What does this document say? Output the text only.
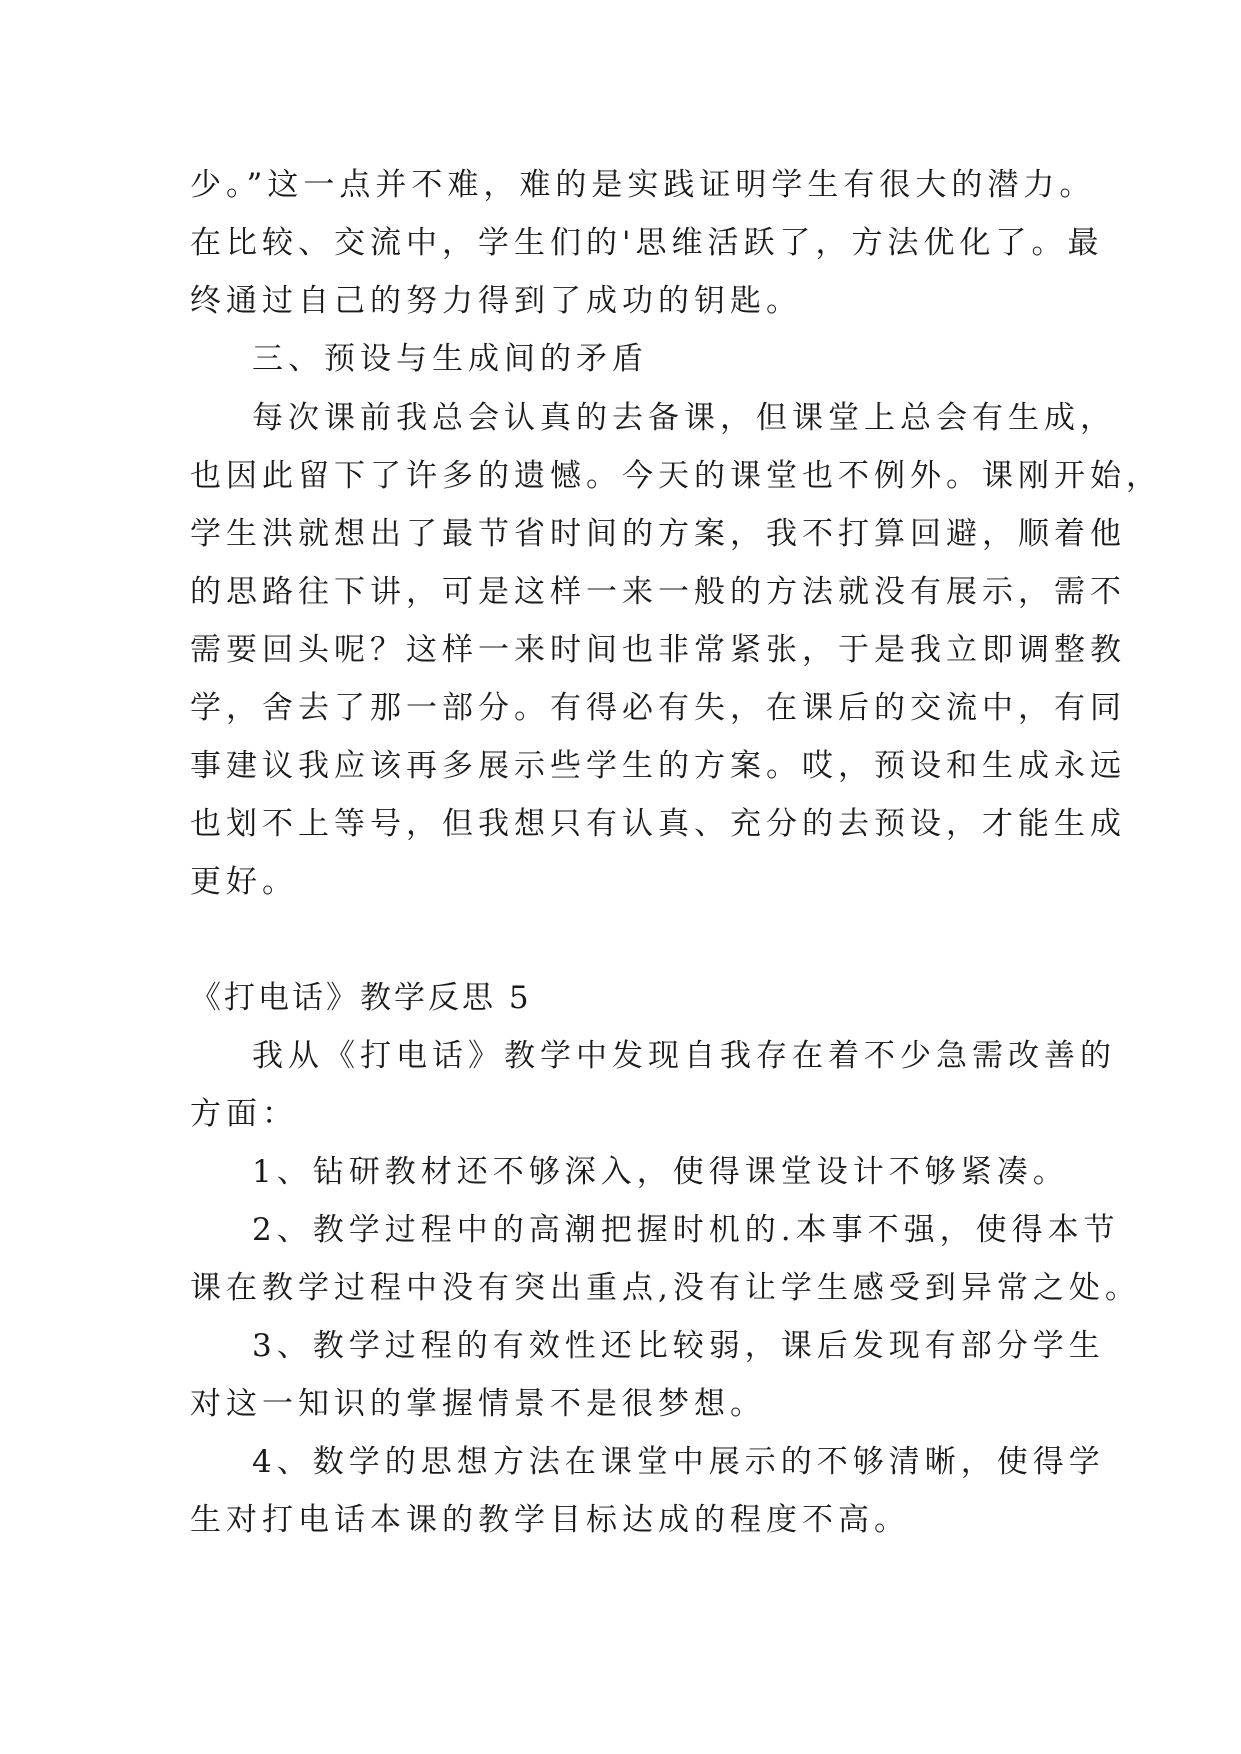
少。”这一点并不难，难的是实践证明学生有很大的潜力。
在比较、交流中，学生们的'思维活跃了，方法优化了。最
终通过自己的努力得到了成功的钥匙。
三、预设与生成间的矛盾
每次课前我总会认真的去备课，但课堂上总会有生成，
也因此留下了许多的遗憾。今天的课堂也不例外。课刚开始，
学生洪就想出了最节省时间的方案，我不打算回避，顺着他
的思路往下讲，可是这样一来一般的方法就没有展示，需不
需要回头呢？这样一来时间也非常紧张，于是我立即调整教
学，舍去了那一部分。有得必有失，在课后的交流中，有同
事建议我应该再多展示些学生的方案。哎，预设和生成永远
也划不上等号，但我想只有认真、充分的去预设，才能生成
更好。
《打电话》教学反思 5
我从《打电话》教学中发现自我存在着不少急需改善的
方面：
1、钻研教材还不够深入，使得课堂设计不够紧凑。
2、教学过程中的高潮把握时机的.本事不强，使得本节
课在教学过程中没有突出重点,没有让学生感受到异常之处。
3、教学过程的有效性还比较弱，课后发现有部分学生
对这一知识的掌握情景不是很梦想。
4、数学的思想方法在课堂中展示的不够清晰，使得学
生对打电话本课的教学目标达成的程度不高。
